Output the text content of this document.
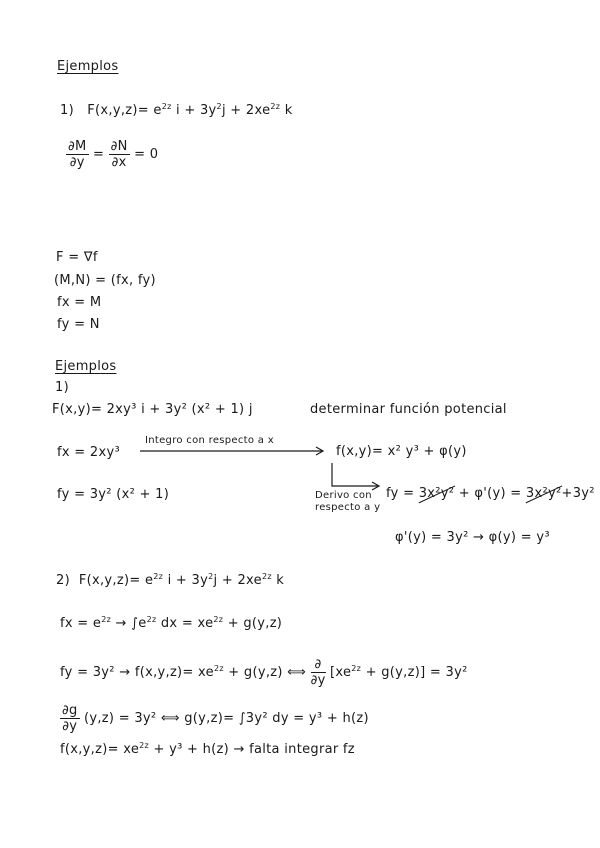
Ejemplos
1) $F(x,y,z)= e^{2z}$ $i + 3y^2j + 2xe^{2z}$ k
$\frac{\partial M}{\partial y} = \frac{\partial N}{\partial x} = 0$
F = ∇f
(M,N) = (fx, fy)
fx = M
fy = N
Ejemplos
1)
F(x,y)= 2xy³ i + 3y² (x² + 1) j	determinar función potencial
fx = 2xy³
Integro con respecto a x
f(x,y)= x² y³ + φ(y)
fy = 3y² (x² + 1)	Derivo con
respecto a y
fy = 3x²y² + φ'(y) = 3x²y²+3y²
φ'(y) = 3y² → φ(y) = y³
2) $F(x,y,z)= e^{2z}$ $i + 3y^2j + 2xe^{2z}$ k
fx = $e^{2z} \to \int e^{2z}$ dx = $xe^{2z} + g(y,z)$
fy = $3y^2 \to f(x,y,z)= xe^{2z} + g(y,z)$ ⟺ $\frac{\partial}{\partial y} [xe^{2z} + g(y,z)] = 3y^2$
$\frac{\partial g}{\partial y} (y,z) = 3y^2$ ⟺ g(y,z)= ∫3y² dy = y³ + h(z)
$f(x,y,z)= xe^{2z} + y^3 + h(z)$ → falta integrar fz
